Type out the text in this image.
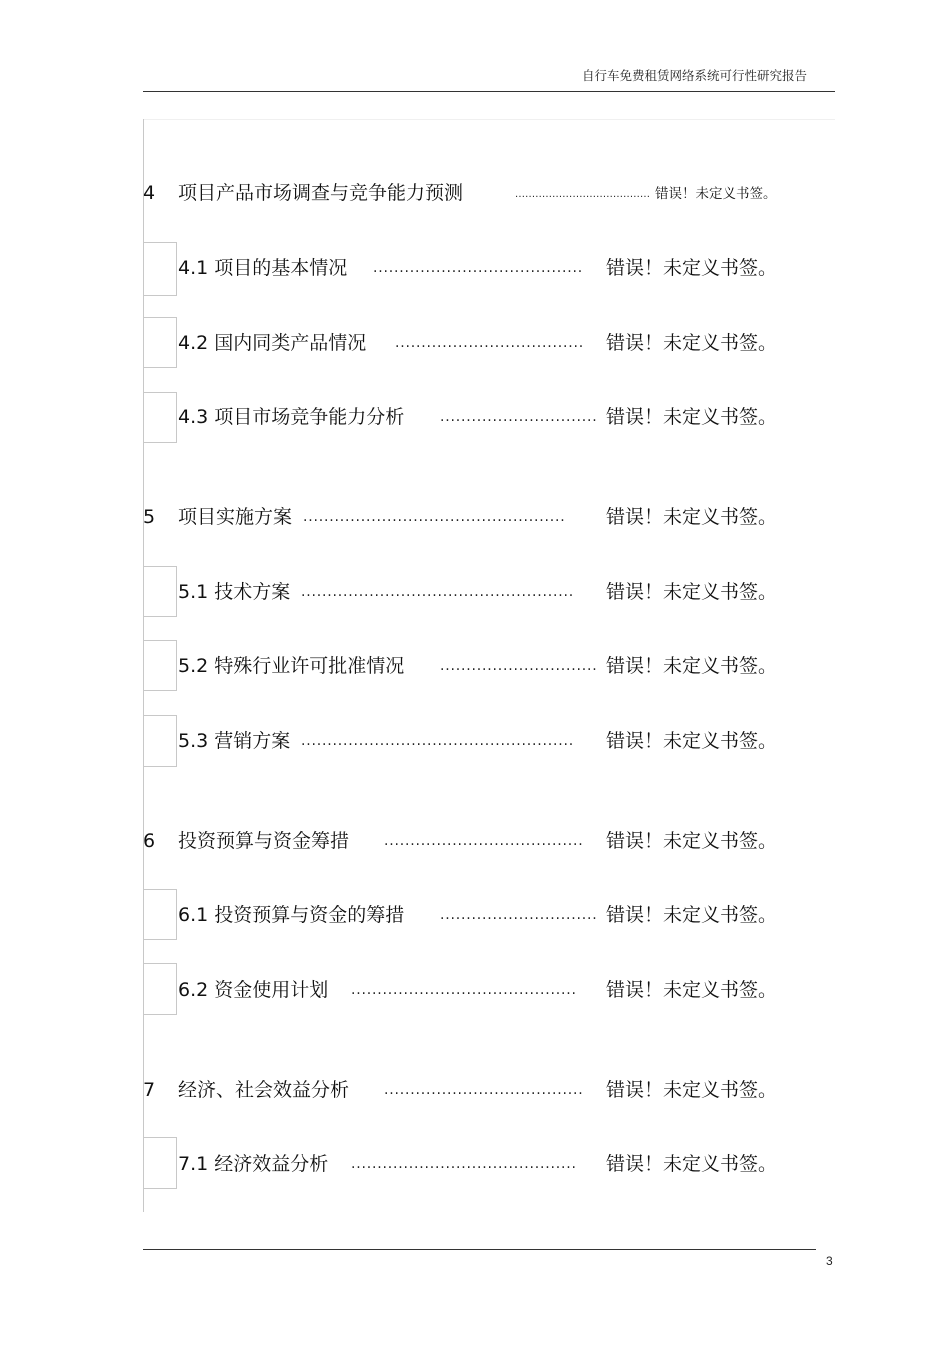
自行车免费租赁网络系统可行性研究报告
4 项目产品市场调查与竞争能力预测	........................................ 错误！未定义书签。
4.1 项目的基本情况 ........................................	错误！未定义书签。
4.2 国内同类产品情况 ....................................	错误！未定义书签。
4.3 项目市场竞争能力分析	.............................. 错误！未定义书签。
5 项目实施方案 ..................................................	错误！未定义书签。
5.1 技术方案 ....................................................	错误！未定义书签。
5.2 特殊行业许可批准情况	.............................. 错误！未定义书签。
5.3 营销方案 ....................................................	错误！未定义书签。
6 投资预算与资金筹措 ......................................	错误！未定义书签。
6.1 投资预算与资金的筹措	.............................. 错误！未定义书签。
6.2 资金使用计划 ...........................................	错误！未定义书签。
7 经济、社会效益分析 ......................................	错误！未定义书签。
7.1 经济效益分析 ...........................................	错误！未定义书签。
3
